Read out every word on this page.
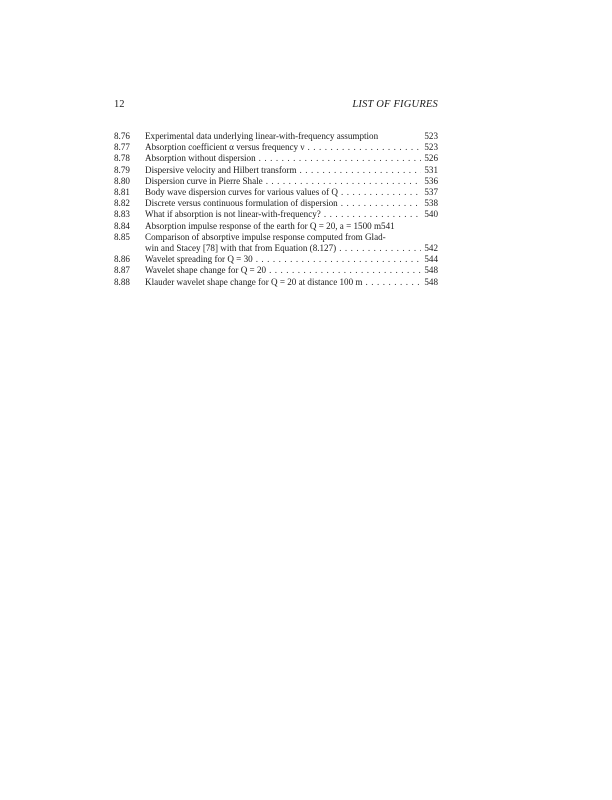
12	LIST OF FIGURES
8.76	Experimental data underlying linear-with-frequency assumption	523
8.77	Absorption coefficient α versus frequency ν . . .	523
8.78	Absorption without dispersion . . .	526
8.79	Dispersive velocity and Hilbert transform . . .	531
8.80	Dispersion curve in Pierre Shale . . .	536
8.81	Body wave dispersion curves for various values of Q . . .	537
8.82	Discrete versus continuous formulation of dispersion . . .	538
8.83	What if absorption is not linear-with-frequency? . . .	540
8.84	Absorption impulse response of the earth for Q = 20, a = 1500 m 541
8.85	Comparison of absorptive impulse response computed from Glad-
win and Stacey [78] with that from Equation (8.127) . . .	542
8.86	Wavelet spreading for Q = 30 . . .	544
8.87	Wavelet shape change for Q = 20 . . .	548
8.88	Klauder wavelet shape change for Q = 20 at distance 100 m . . .	548
